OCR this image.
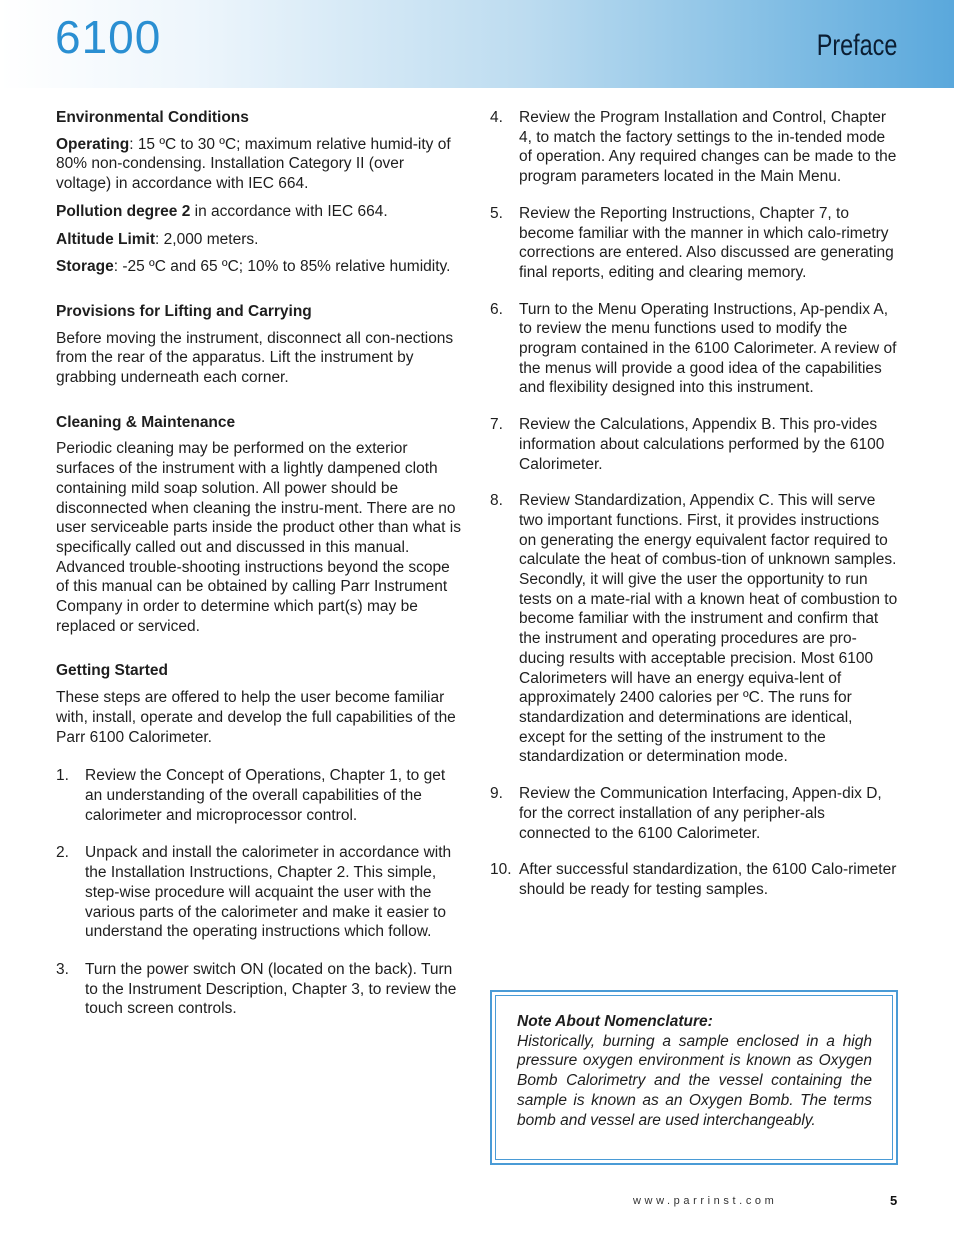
6100	Preface
Environmental Conditions

Operating: 15 ºC to 30 ºC; maximum relative humid-ity of 80% non-condensing. Installation Category II (over voltage) in accordance with IEC 664.

Pollution degree 2 in accordance with IEC 664.

Altitude Limit: 2,000 meters.

Storage: -25 ºC and 65 ºC; 10% to 85% relative humidity.

Provisions for Lifting and Carrying

Before moving the instrument, disconnect all con-nections from the rear of the apparatus. Lift the instrument by grabbing underneath each corner.

Cleaning & Maintenance

Periodic cleaning may be performed on the exterior surfaces of the instrument with a lightly dampened cloth containing mild soap solution. All power should be disconnected when cleaning the instru-ment. There are no user serviceable parts inside the product other than what is specifically called out and discussed in this manual. Advanced trouble-shooting instructions beyond the scope of this manual can be obtained by calling Parr Instrument Company in order to determine which part(s) may be replaced or serviced.

Getting Started

These steps are offered to help the user become familiar with, install, operate and develop the full capabilities of the Parr 6100 Calorimeter.

1.	Review the Concept of Operations, Chapter 1, to get an understanding of the overall capabilities of the calorimeter and microprocessor control.
2.	Unpack and install the calorimeter in accordance with the Installation Instructions, Chapter 2. This simple, step-wise procedure will acquaint the user with the various parts of the calorimeter and make it easier to understand the operating instructions which follow.
3.	Turn the power switch ON (located on the back). Turn to the Instrument Description, Chapter 3, to review the touch screen controls.
4.	Review the Program Installation and Control, Chapter 4, to match the factory settings to the in-tended mode of operation. Any required changes can be made to the program parameters located in the Main Menu.
5.	Review the Reporting Instructions, Chapter 7, to become familiar with the manner in which calo-rimetry corrections are entered. Also discussed are generating final reports, editing and clearing memory.
6.	Turn to the Menu Operating Instructions, Ap-pendix A, to review the menu functions used to modify the program contained in the 6100 Calorimeter. A review of the menus will provide a good idea of the capabilities and flexibility designed into this instrument.
7.	Review the Calculations, Appendix B. This pro-vides information about calculations performed by the 6100 Calorimeter.
8.	Review Standardization, Appendix C. This will serve two important functions. First, it provides instructions on generating the energy equivalent factor required to calculate the heat of combus-tion of unknown samples. Secondly, it will give the user the opportunity to run tests on a mate-rial with a known heat of combustion to become familiar with the instrument and confirm that the instrument and operating procedures are pro-ducing results with acceptable precision. Most 6100 Calorimeters will have an energy equiva-lent of approximately 2400 calories per ºC. The runs for standardization and determinations are identical, except for the setting of the instrument to the standardization or determination mode.
9.	Review the Communication Interfacing, Appen-dix D, for the correct installation of any peripher-als connected to the 6100 Calorimeter.
10. After successful standardization, the 6100 Calo-rimeter should be ready for testing samples.
Note About Nomenclature:
Historically, burning a sample enclosed in a high pressure oxygen environment is known as Oxygen Bomb Calorimetry and the vessel containing the sample is known as an Oxygen Bomb. The terms bomb and vessel are used interchangeably.
www.parrinst.com	5
